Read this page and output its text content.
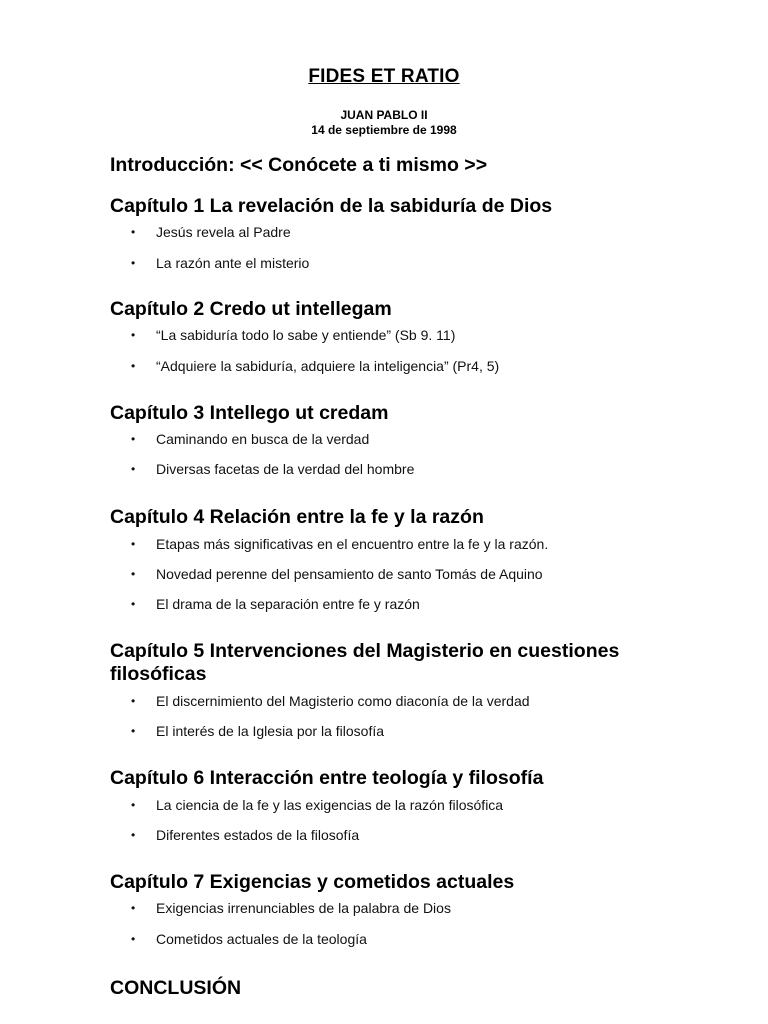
FIDES ET RATIO
JUAN PABLO II
14 de septiembre de 1998
Introducción: << Conócete a ti mismo >>
Capítulo 1 La revelación de la sabiduría de Dios
• Jesús revela al Padre
• La razón ante el misterio
Capítulo 2 Credo ut intellegam
• “La sabiduría todo lo sabe y entiende” (Sb 9. 11)
• “Adquiere la sabiduría, adquiere la inteligencia” (Pr4, 5)
Capítulo 3 Intellego ut credam
• Caminando en busca de la verdad
• Diversas facetas de la verdad del hombre
Capítulo 4 Relación entre la fe y la razón
• Etapas más significativas en el encuentro entre la fe y la razón.
• Novedad perenne del pensamiento de santo Tomás de Aquino
• El drama de la separación entre fe y razón
Capítulo 5 Intervenciones del Magisterio en cuestiones filosóficas
• El discernimiento del Magisterio como diaconía de la verdad
• El interés de la Iglesia por la filosofía
Capítulo 6 Interacción entre teología y filosofía
• La ciencia de la fe y las exigencias de la razón filosófica
• Diferentes estados de la filosofía
Capítulo 7 Exigencias y cometidos actuales
• Exigencias irrenunciables de la palabra de Dios
• Cometidos actuales de la teología
CONCLUSIÓN
